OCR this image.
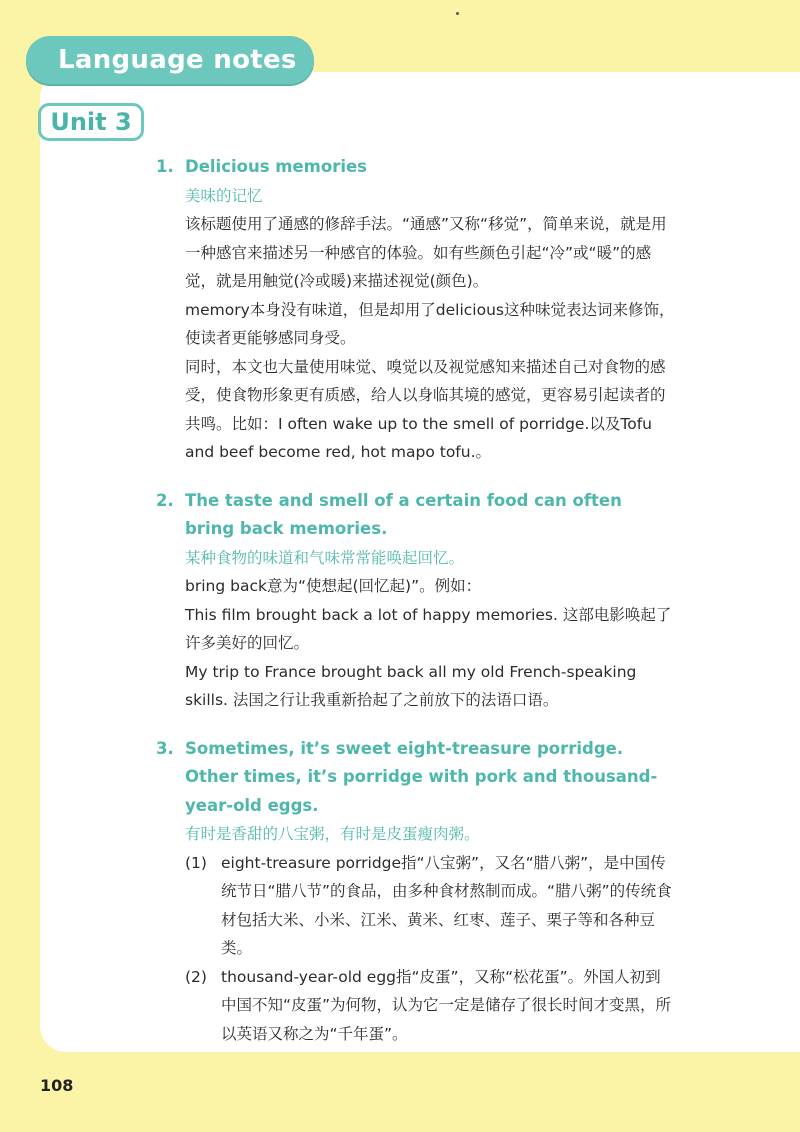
Language notes
Unit 3
1. Delicious memories

美味的记忆

该标题使用了通感的修辞手法。“通感”又称“移觉”，简单来说，就是用一种感官来描述另一种感官的体验。如有些颜色引起“冷”或“暖”的感觉，就是用触觉(冷或暖)来描述视觉(颜色)。

memory本身没有味道，但是却用了delicious这种味觉表达词来修饰，使读者更能够感同身受。

同时，本文也大量使用味觉、嗅觉以及视觉感知来描述自己对食物的感受，使食物形象更有质感，给人以身临其境的感觉，更容易引起读者的共鸣。比如：I often wake up to the smell of porridge.以及Tofu and beef become red, hot mapo tofu.。

2. The taste and smell of a certain food can often bring back memories.

某种食物的味道和气味常常能唤起回忆。

bring back意为“使想起(回忆起)”。例如：

This film brought back a lot of happy memories. 这部电影唤起了许多美好的回忆。

My trip to France brought back all my old French-speaking skills. 法国之行让我重新拾起了之前放下的法语口语。

3. Sometimes, it’s sweet eight-treasure porridge. Other times, it’s porridge with pork and thousand-year-old eggs.

有时是香甜的八宝粥，有时是皮蛋瘦肉粥。

(1) eight-treasure porridge指“八宝粥”，又名“腊八粥”，是中国传统节日“腊八节”的食品，由多种食材熬制而成。“腊八粥”的传统食材包括大米、小米、江米、黄米、红枣、莲子、栗子等和各种豆类。

(2) thousand-year-old egg指“皮蛋”，又称“松花蛋”。外国人初到中国不知“皮蛋”为何物，认为它一定是储存了很长时间才变黑，所以英语又称之为“千年蛋”。

108
